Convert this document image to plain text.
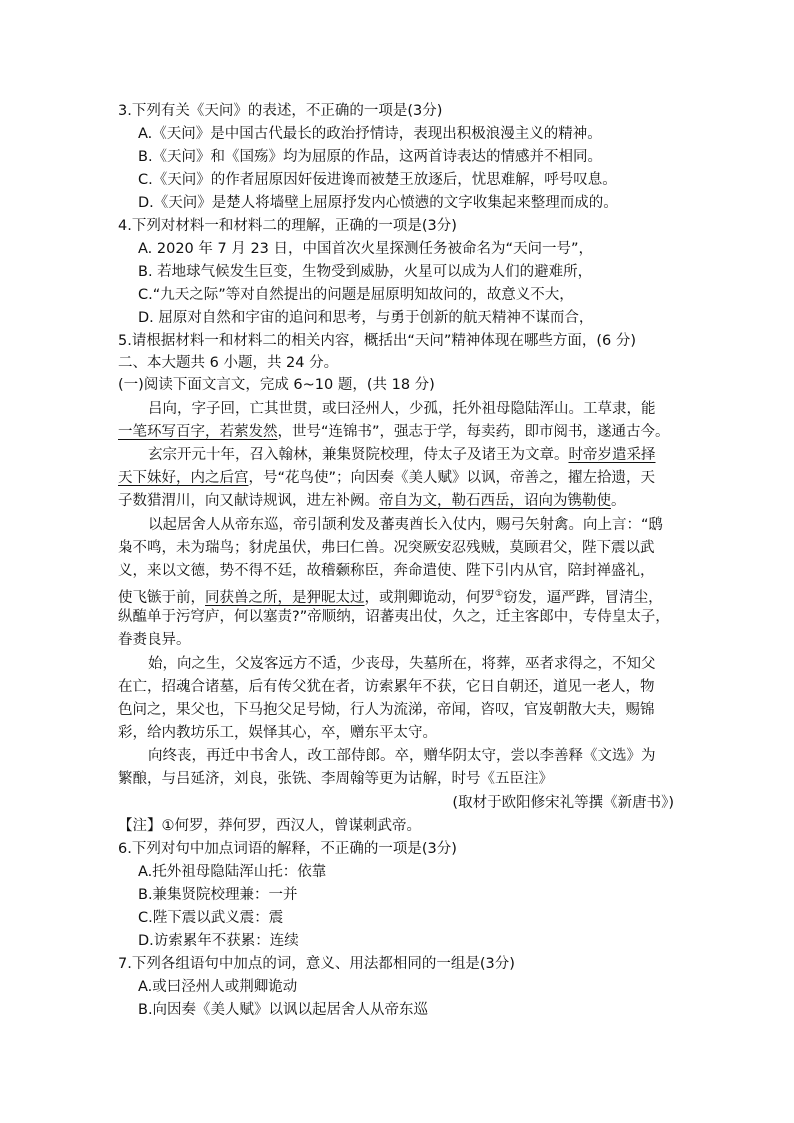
3.下列有关《天问》的表述，不正确的一项是(3分)
A.《天问》是中国古代最长的政治抒情诗，表现出积极浪漫主义的精神。
B.《天问》和《国殇》均为屈原的作品，这两首诗表达的情感并不相同。
C.《天问》的作者屈原因奸佞进谗而被楚王放逐后，忧思难解，呼号叹息。
D.《天问》是楚人将墙壁上屈原抒发内心愤懑的文字收集起来整理而成的。
4.下列对材料一和材料二的理解，正确的一项是(3分)
A. 2020 年 7 月 23 日，中国首次火星探测任务被命名为“天问一号”，
B. 若地球气候发生巨变，生物受到威胁，火星可以成为人们的避难所，
C.“九天之际”等对自然提出的问题是屈原明知故问的，故意义不大，
D. 屈原对自然和宇宙的追问和思考，与勇于创新的航天精神不谋而合，
5.请根据材料一和材料二的相关内容，概括出“天问”精神体现在哪些方面，(6 分)
二、本大题共 6 小题，共 24 分。
(一)阅读下面文言文，完成 6~10 题，(共 18 分)
吕向，字子回，亡其世贯，或曰泾州人，少孤，托外祖母隐陆浑山。工草隶，能
一笔环写百字，若萦发然，世号“连锦书”，强志于学，每卖药，即市阅书，遂通古今。
玄宗开元十年，召入翰林，兼集贤院校理，侍太子及诸王为文章。时帝岁遣采择
天下妹好，内之后宫，号“花鸟使”；向因奏《美人赋》以讽，帝善之，擢左拾遗，天
子数猎渭川，向又献诗规讽，进左补阙。帝自为文，勒石西岳，诏向为镌勒使。
以起居舍人从帝东巡，帝引颉利发及蕃夷酋长入仗内，赐弓矢射禽。向上言：“鸱
枭不鸣，未为瑞鸟；豺虎虽伏，弗曰仁兽。况突厥安忍残贼，莫顾君父，陛下震以武
义，来以文德，势不得不廷，故稽颡称臣，奔命遣使、陛下引内从官，陪封禅盛礼，
使飞镞于前，同获兽之所，是狎昵太过，或荆卿诡动，何罗①窃发，逼严跸，冒清尘，
纵醢单于污穹庐，何以塞责?”帝顺纳，诏蕃夷出仗，久之，迁主客郎中，专侍皇太子，
眷赉良异。
始，向之生，父岌客远方不适，少丧母，失墓所在，将葬，巫者求得之，不知父
在亡，招魂合诸墓，后有传父犹在者，访索累年不获，它日自朝还，道见一老人，物
色问之，果父也，下马抱父足号恸，行人为流涕，帝闻，咨叹，官岌朝散大夫，赐锦
彩，给内教坊乐工，娱怿其心，卒，赠东平太守。
向终丧，再迁中书舍人，改工部侍郎。卒，赠华阴太守，尝以李善释《文选》为
繁酿，与吕延济，刘良，张铣、李周翰等更为诂解，时号《五臣注》
(取材于欧阳修宋礼等撰《新唐书》)
【注】①何罗，莽何罗，西汉人，曾谋刺武帝。
6.下列对句中加点词语的解释，不正确的一项是(3分)
A.托外祖母隐陆浑山托：依靠
B.兼集贤院校理兼：一并
C.陛下震以武义震：震
D.访索累年不获累：连续
7.下列各组语句中加点的词，意义、用法都相同的一组是(3分)
A.或曰泾州人或荆卿诡动
B.向因奏《美人赋》以讽以起居舍人从帝东巡
